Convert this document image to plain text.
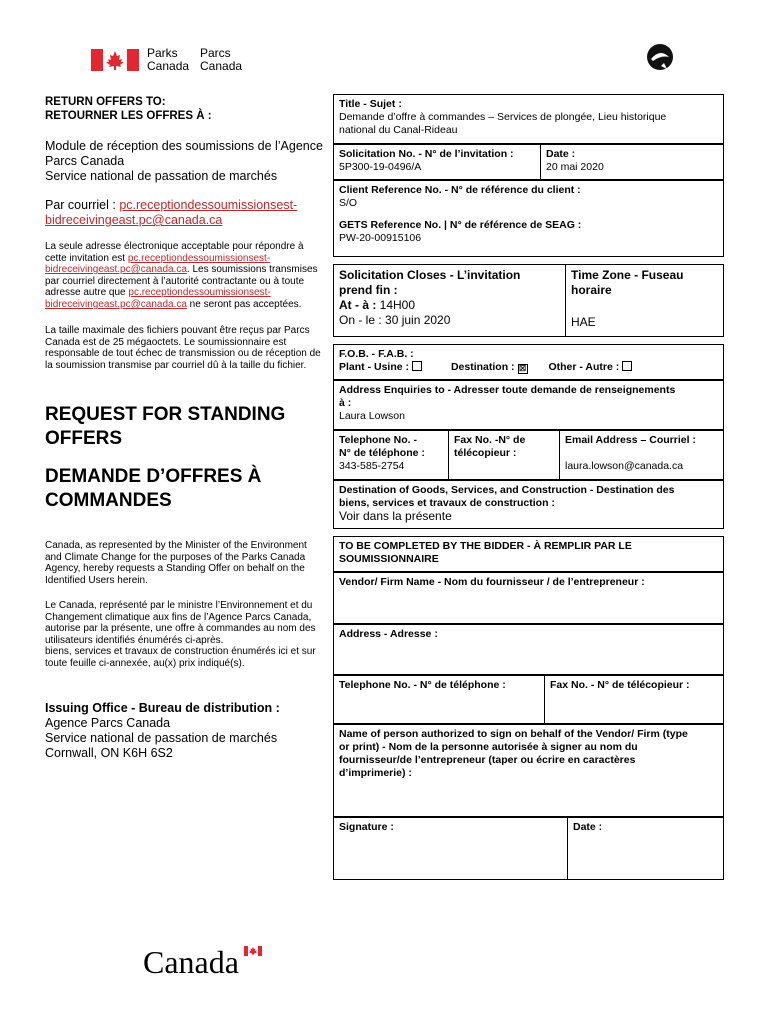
Parks
Canada
Parcs
Canada
RETURN OFFERS TO:
RETOURNER LES OFFRES À :
Module de réception des soumissions de l’Agence
Parcs Canada
Service national de passation de marchés
Par courriel : pc.receptiondessoumissionsest-
bidreceivingeast.pc@canada.ca
La seule adresse électronique acceptable pour répondre à
cette invitation est pc.receptiondessoumissionsest-
bidreceivingeast.pc@canada.ca. Les soumissions transmises
par courriel directement à l’autorité contractante ou à toute
adresse autre que pc.receptiondessoumissionsest-
bidreceivingeast.pc@canada.ca ne seront pas acceptées.
La taille maximale des fichiers pouvant être reçus par Parcs
Canada est de 25 mégaoctets. Le soumissionnaire est
responsable de tout échec de transmission ou de réception de
la soumission transmise par courriel dû à la taille du fichier.
REQUEST FOR STANDING
OFFERS
DEMANDE D’OFFRES À
COMMANDES
Canada, as represented by the Minister of the Environment
and Climate Change for the purposes of the Parks Canada
Agency, hereby requests a Standing Offer on behalf on the
Identified Users herein.
Le Canada, représenté par le ministre l’Environnement et du
Changement climatique aux fins de l’Agence Parcs Canada,
autorise par la présente, une offre à commandes au nom des
utilisateurs identifiés énumérés ci-après.
biens, services et travaux de construction énumérés ici et sur
toute feuille ci-annexée, au(x) prix indiqué(s).
Issuing Office - Bureau de distribution :
Agence Parcs Canada
Service national de passation de marchés
Cornwall, ON K6H 6S2
Title - Sujet :
Demande d’offre à commandes – Services de plongée, Lieu historique
national du Canal-Rideau
Solicitation No. - N° de l’invitation :
5P300-19-0496/A
Date :
20 mai 2020
Client Reference No. - N° de référence du client :
S/O
GETS Reference No. | N° de référence de SEAG :
PW-20-00915106
Solicitation Closes - L’invitation
prend fin :
At - à : 14H00
On - le : 30 juin 2020
Time Zone - Fuseau
horaire
HAE
F.O.B. - F.A.B. :
Plant - Usine :	Destination : ☒ Other - Autre :
Address Enquiries to - Adresser toute demande de renseignements
à :
Laura Lowson
Telephone No. -
N° de téléphone :
343-585-2754
Fax No. -N° de
télécopieur :
Email Address – Courriel :
laura.lowson@canada.ca
Destination of Goods, Services, and Construction - Destination des
biens, services et travaux de construction :
Voir dans la présente
TO BE COMPLETED BY THE BIDDER - À REMPLIR PAR LE
SOUMISSIONNAIRE
Vendor/ Firm Name - Nom du fournisseur / de l’entrepreneur :
Address - Adresse :
Telephone No. - N° de téléphone :	Fax No. - N° de télécopieur :
Name of person authorized to sign on behalf of the Vendor/ Firm (type
or print) - Nom de la personne autorisée à signer au nom du
fournisseur/de l’entrepreneur (taper ou écrire en caractères
d’imprimerie) :
Signature :	Date :
Canada
